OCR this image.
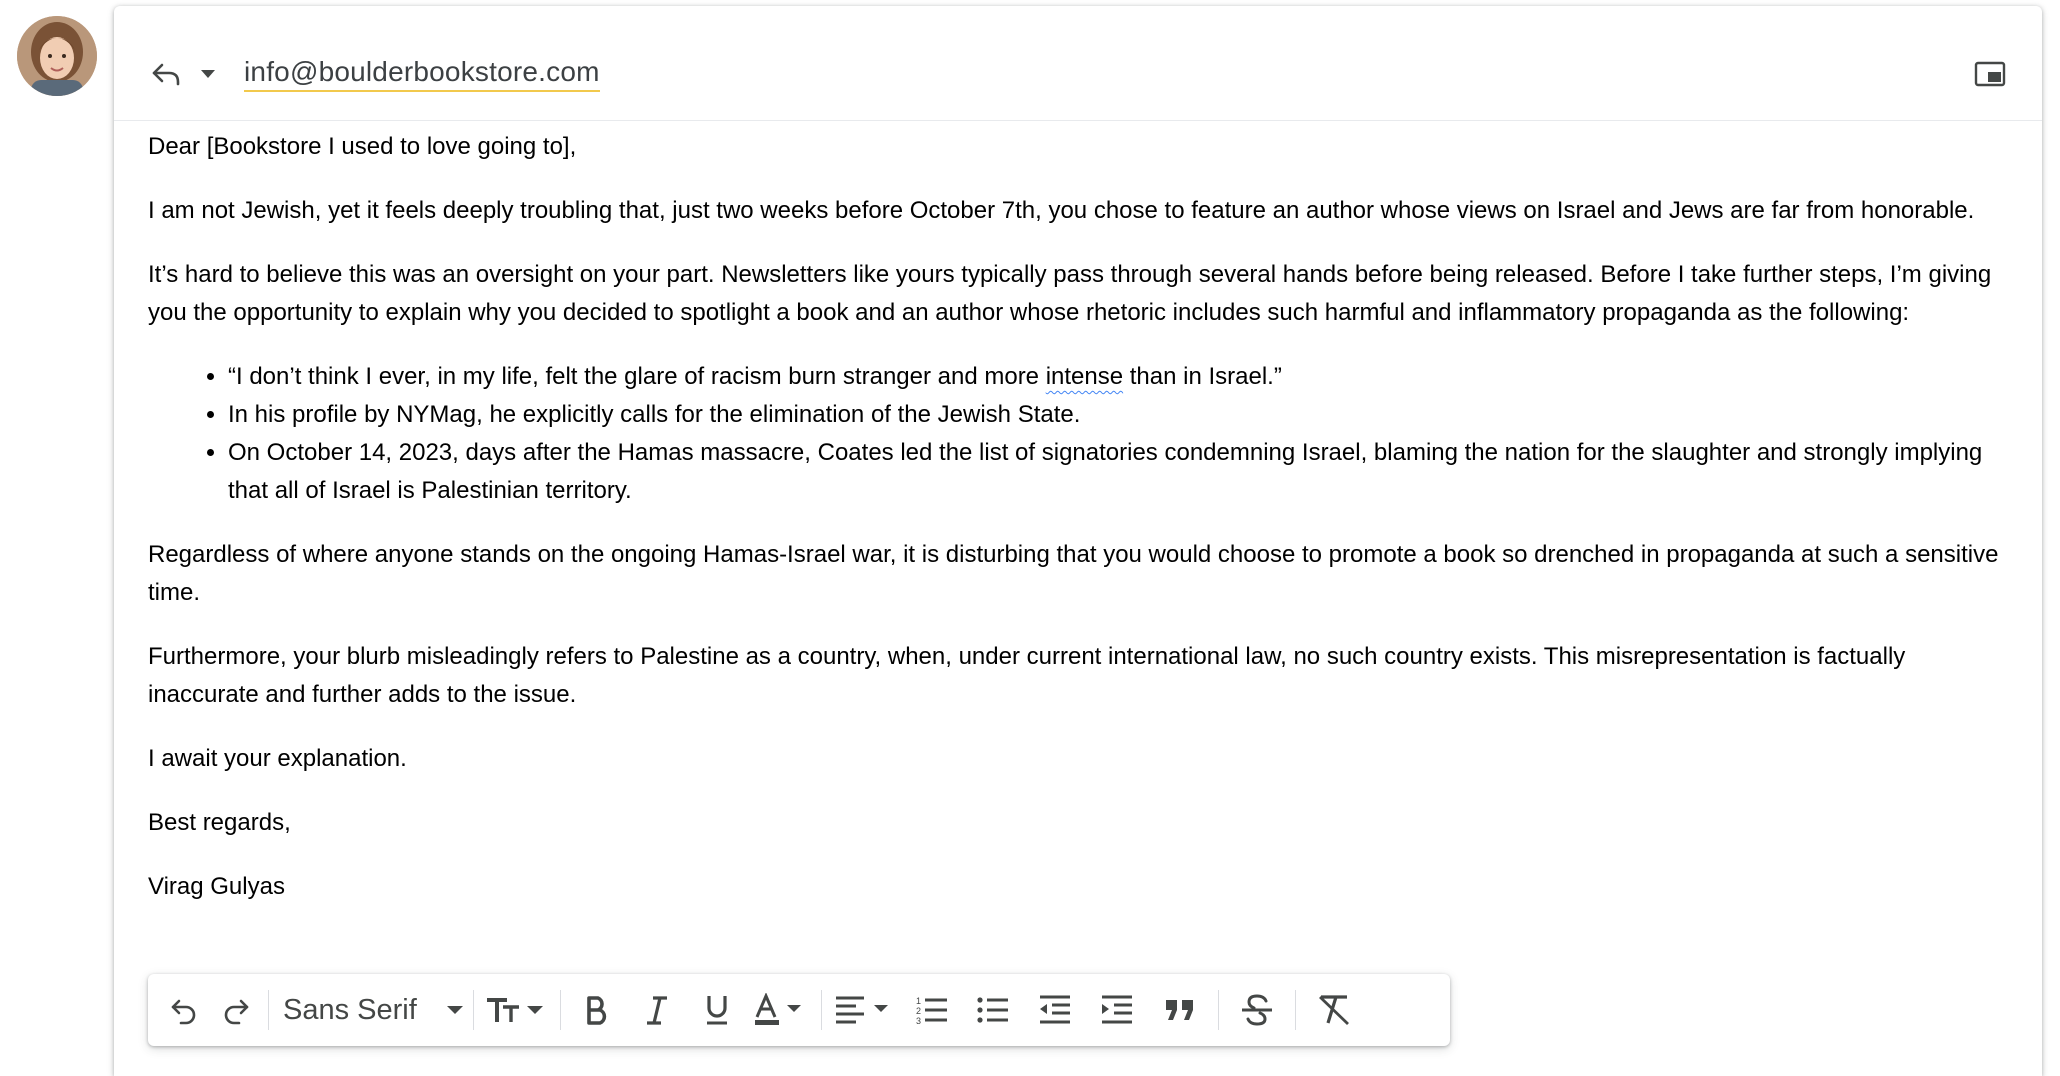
info@boulderbookstore.com

Dear [Bookstore I used to love going to],

I am not Jewish, yet it feels deeply troubling that, just two weeks before October 7th, you chose to feature an author whose views on Israel and Jews are far from honorable.

It’s hard to believe this was an oversight on your part. Newsletters like yours typically pass through several hands before being released. Before I take further steps, I’m giving you the opportunity to explain why you decided to spotlight a book and an author whose rhetoric includes such harmful and inflammatory propaganda as the following:

• “I don’t think I ever, in my life, felt the glare of racism burn stranger and more intense than in Israel.”
• In his profile by NYMag, he explicitly calls for the elimination of the Jewish State.
• On October 14, 2023, days after the Hamas massacre, Coates led the list of signatories condemning Israel, blaming the nation for the slaughter and strongly implying that all of Israel is Palestinian territory.

Regardless of where anyone stands on the ongoing Hamas-Israel war, it is disturbing that you would choose to promote a book so drenched in propaganda at such a sensitive time.

Furthermore, your blurb misleadingly refers to Palestine as a country, when, under current international law, no such country exists. This misrepresentation is factually inaccurate and further adds to the issue.

I await your explanation.

Best regards,

Virag Gulyas

Sans Serif	1
2
3
